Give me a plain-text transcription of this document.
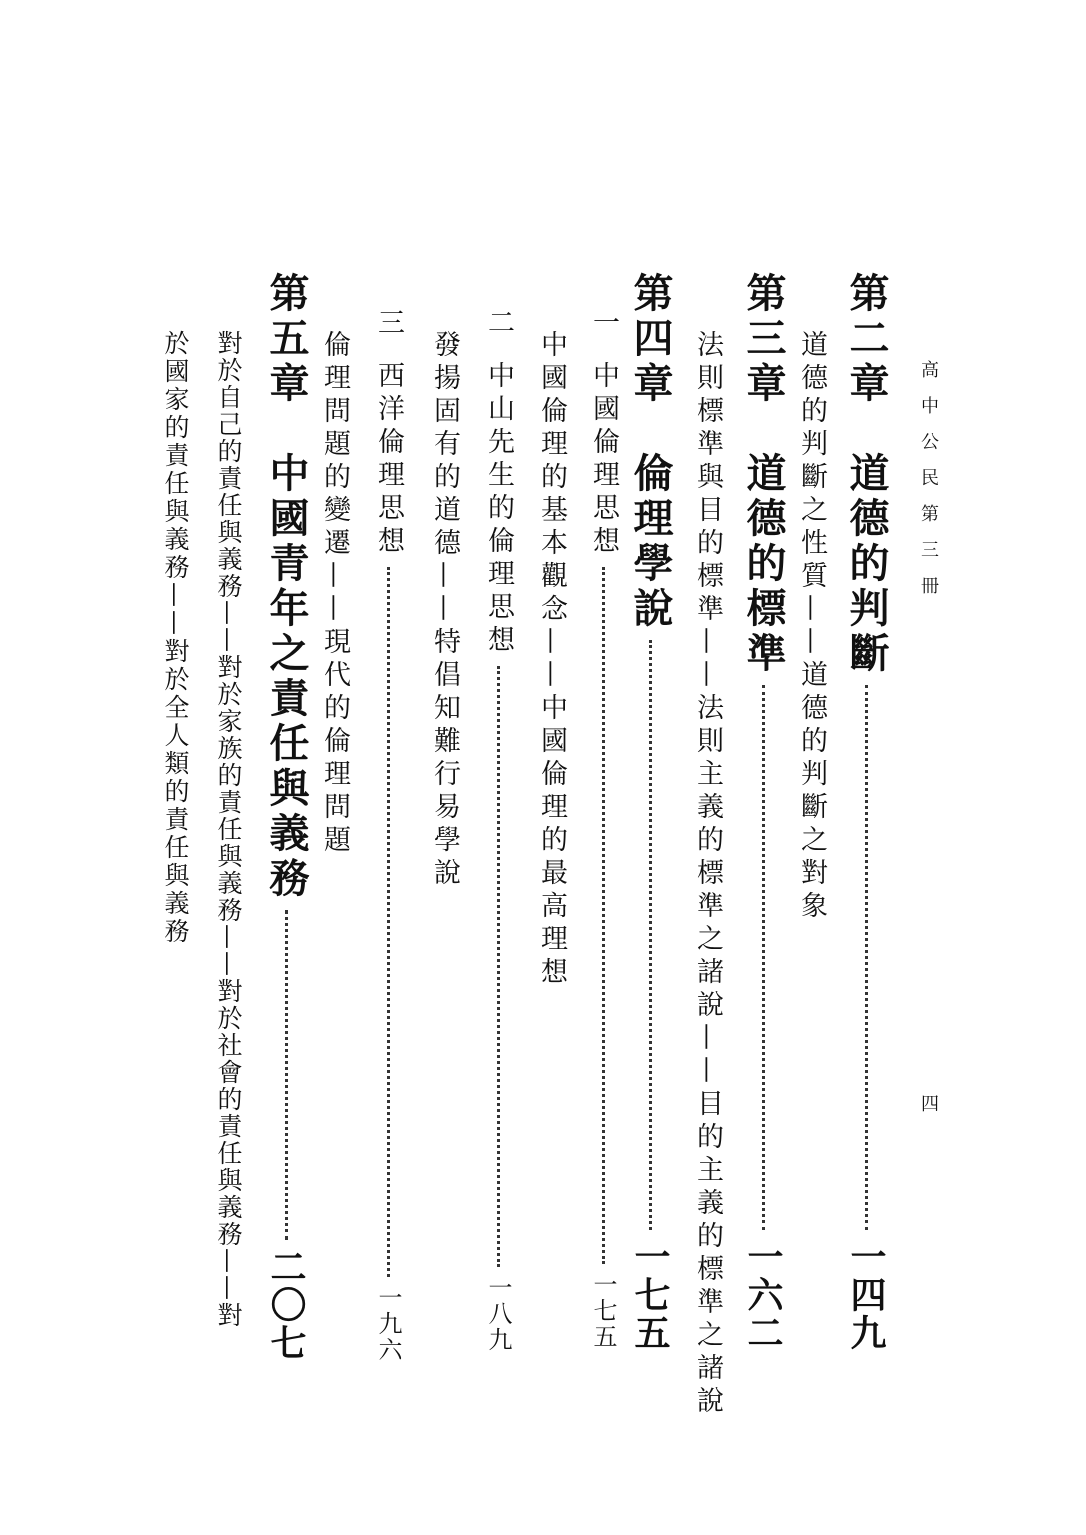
高中公民第三冊
四
第二章　道德的判斷
一四九
道德的判斷之性質——道德的判斷之對象
第三章　道德的標準
一六二
法則標準與目的標準——法則主義的標準之諸說——目的主義的標準之諸說
第四章　倫理學說
一七五
一
中國倫理思想
一七五
中國倫理的基本觀念——中國倫理的最高理想
二
中山先生的倫理思想
一八九
發揚固有的道德——特倡知難行易學說
三
西洋倫理思想
一九六
倫理問題的變遷——現代的倫理問題
第五章　中國青年之責任與義務
二〇七
對於自己的責任與義務——對於家族的責任與義務——對於社會的責任與義務——對
於國家的責任與義務——對於全人類的責任與義務
